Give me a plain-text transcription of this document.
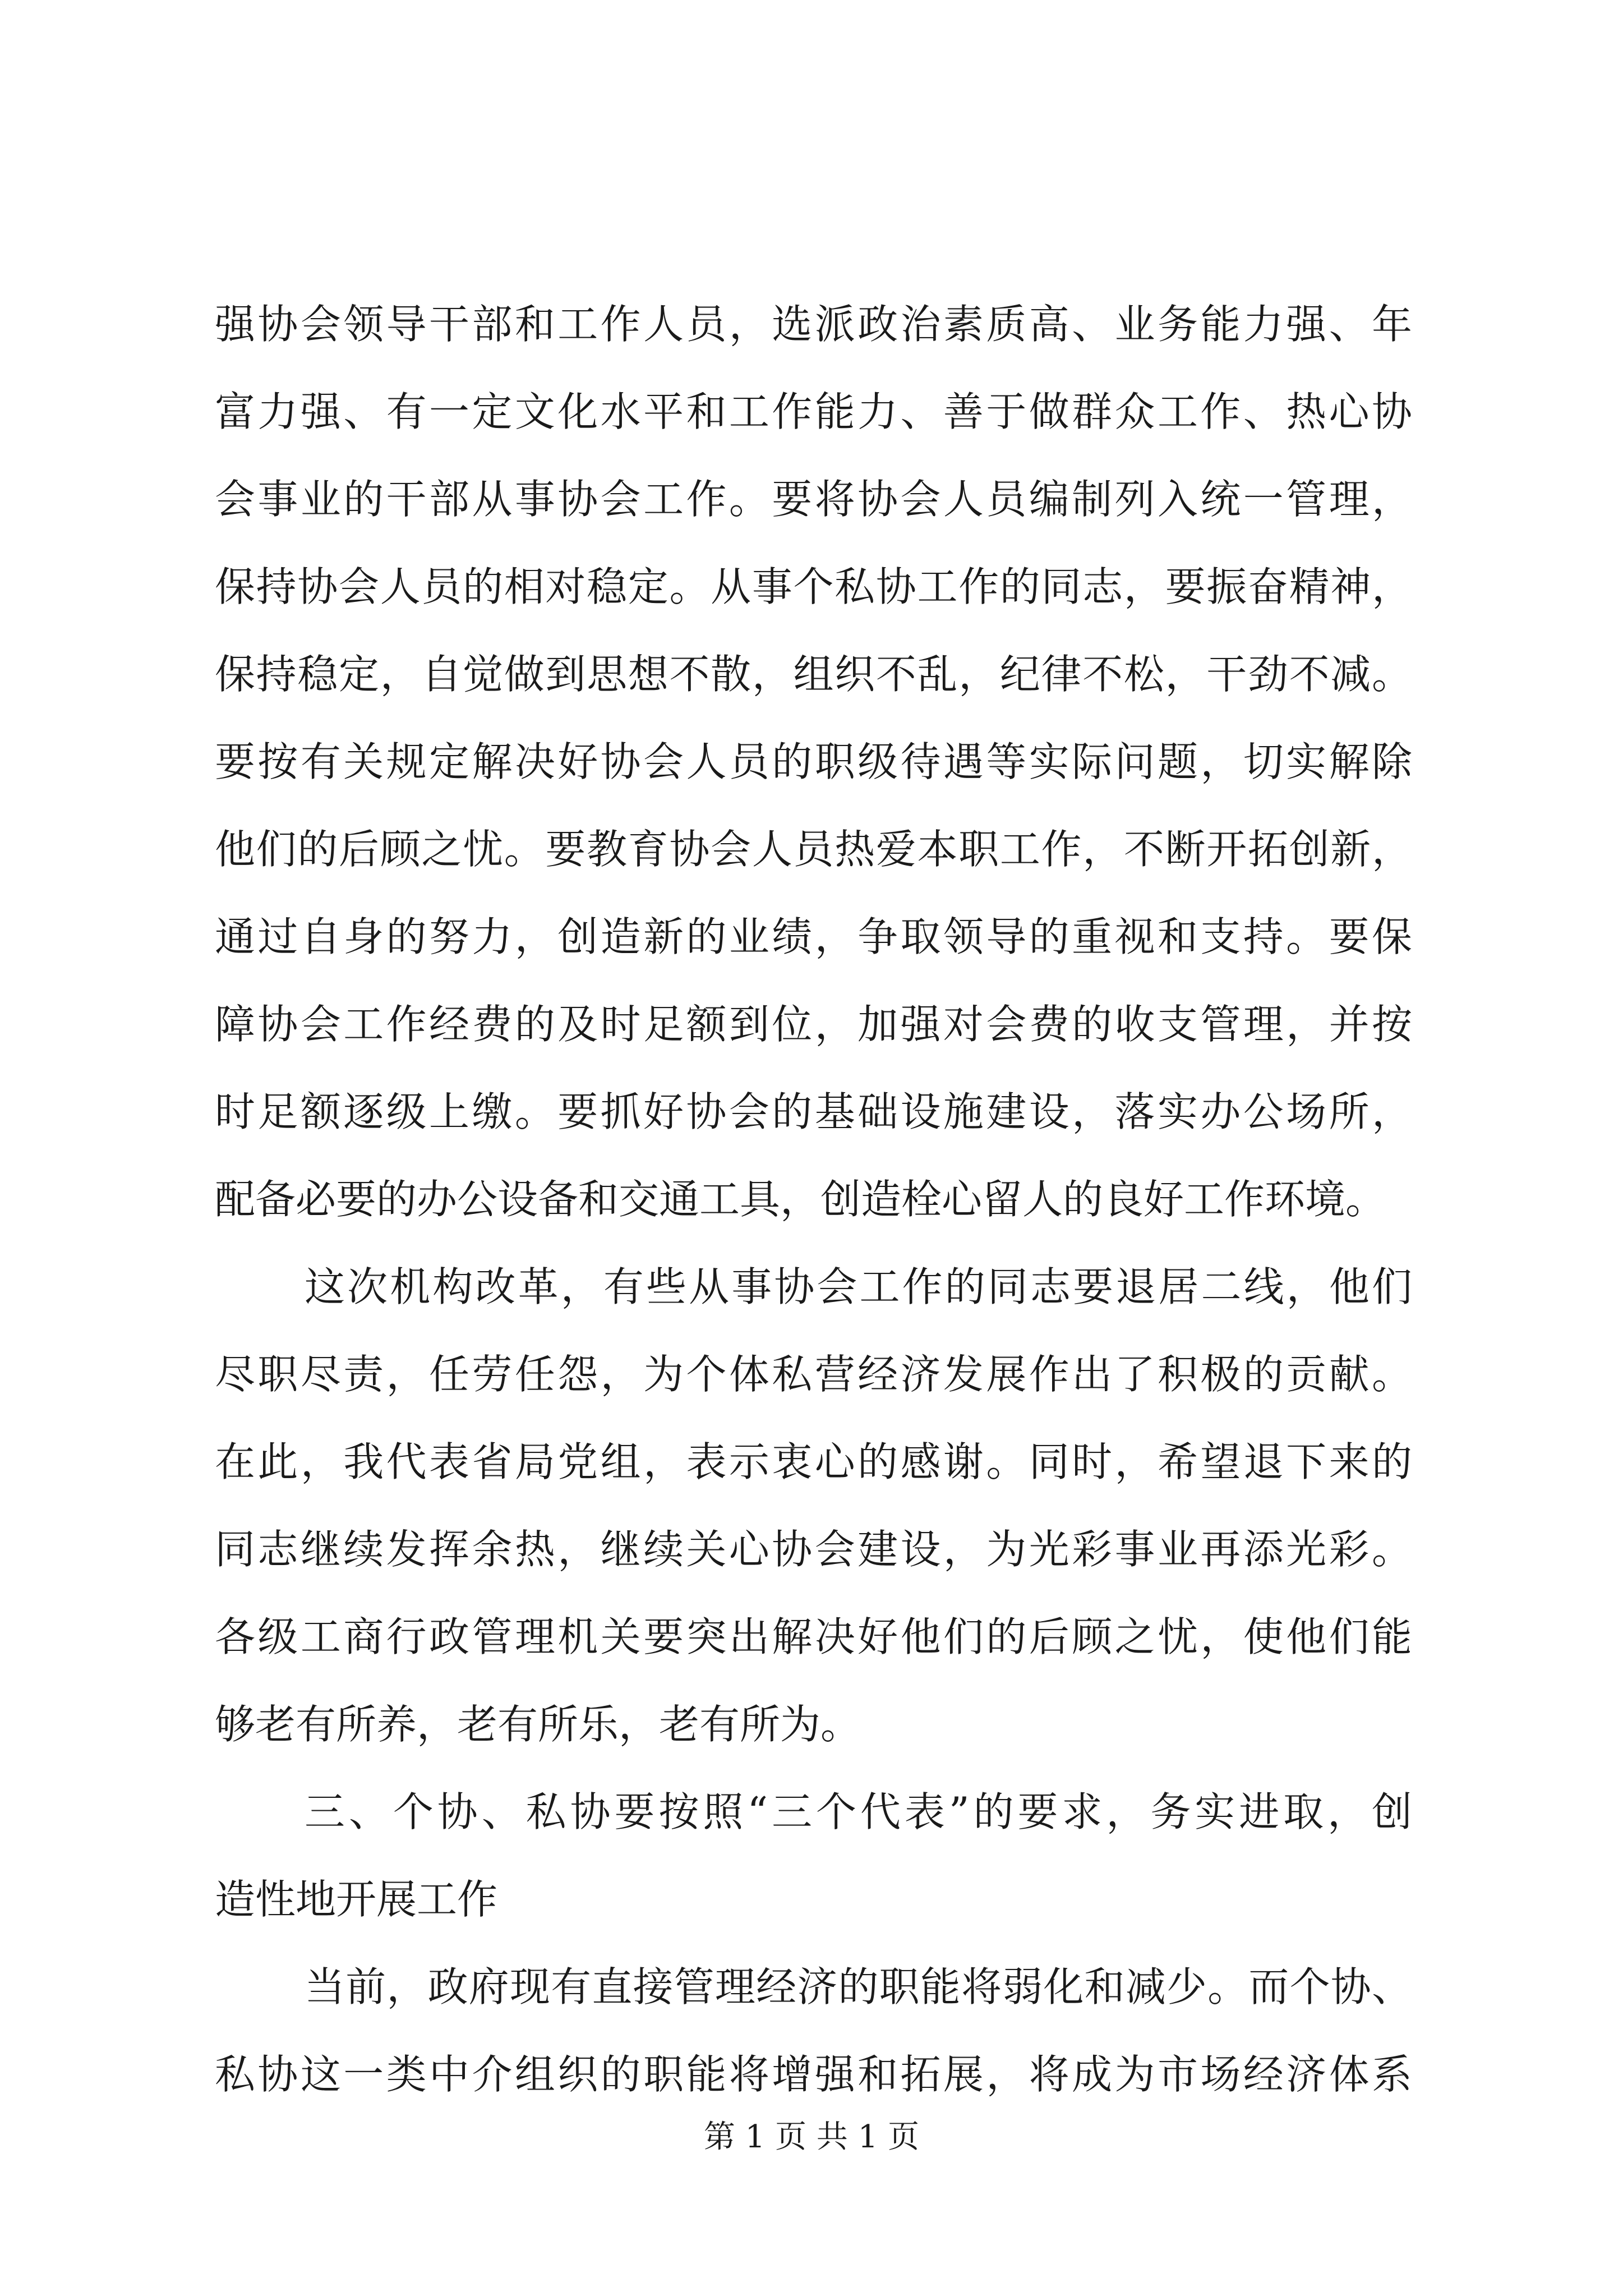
强协会领导干部和工作人员，选派政治素质高、业务能力强、年
富力强、有一定文化水平和工作能力、善于做群众工作、热心协
会事业的干部从事协会工作。要将协会人员编制列入统一管理，
保持协会人员的相对稳定。从事个私协工作的同志，要振奋精神，
保持稳定，自觉做到思想不散，组织不乱，纪律不松，干劲不减。
要按有关规定解决好协会人员的职级待遇等实际问题，切实解除
他们的后顾之忧。要教育协会人员热爱本职工作，不断开拓创新，
通过自身的努力，创造新的业绩，争取领导的重视和支持。要保
障协会工作经费的及时足额到位，加强对会费的收支管理，并按
时足额逐级上缴。要抓好协会的基础设施建设，落实办公场所，
配备必要的办公设备和交通工具，创造栓心留人的良好工作环境。
这次机构改革，有些从事协会工作的同志要退居二线，他们
尽职尽责，任劳任怨，为个体私营经济发展作出了积极的贡献。
在此，我代表省局党组，表示衷心的感谢。同时，希望退下来的
同志继续发挥余热，继续关心协会建设，为光彩事业再添光彩。
各级工商行政管理机关要突出解决好他们的后顾之忧，使他们能
够老有所养，老有所乐，老有所为。
三、个协、私协要按照“三个代表”的要求，务实进取，创
造性地开展工作
当前，政府现有直接管理经济的职能将弱化和减少。而个协、
私协这一类中介组织的职能将增强和拓展，将成为市场经济体系
第 1 页 共 1 页
